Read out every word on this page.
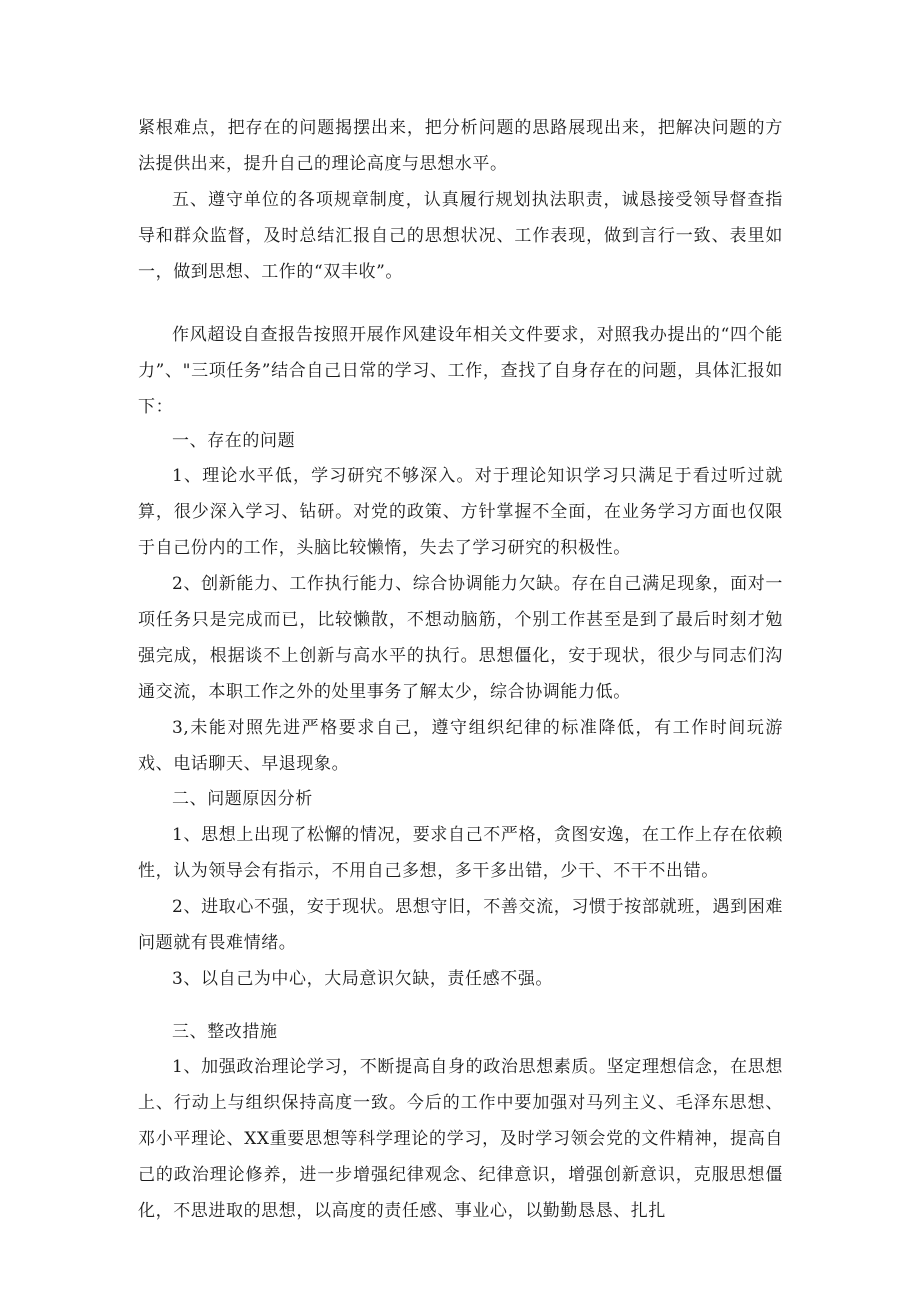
紧根难点，把存在的问题揭摆出来，把分析问题的思路展现出来，把解决问题的方法提供出来，提升自己的理论高度与思想水平。

五、遵守单位的各项规章制度，认真履行规划执法职责，诚恳接受领导督查指导和群众监督，及时总结汇报自己的思想状况、工作表现，做到言行一致、表里如一，做到思想、工作的“双丰收”。

作风超设自查报告按照开展作风建设年相关文件要求，对照我办提出的“四个能力”、"三项任务”结合自己日常的学习、工作，查找了自身存在的问题，具体汇报如下：

一、存在的问题

1、理论水平低，学习研究不够深入。对于理论知识学习只满足于看过听过就算，很少深入学习、钻研。对党的政策、方针掌握不全面，在业务学习方面也仅限于自己份内的工作，头脑比较懒惰，失去了学习研究的积极性。

2、创新能力、工作执行能力、综合协调能力欠缺。存在自己满足现象，面对一项任务只是完成而已，比较懒散，不想动脑筋，个别工作甚至是到了最后时刻才勉强完成，根据谈不上创新与高水平的执行。思想僵化，安于现状，很少与同志们沟通交流，本职工作之外的处里事务了解太少，综合协调能力低。

3,未能对照先进严格要求自己，遵守组织纪律的标准降低，有工作时间玩游戏、电话聊天、早退现象。

二、问题原因分析

1、思想上出现了松懈的情况，要求自己不严格，贪图安逸，在工作上存在依赖性，认为领导会有指示，不用自己多想，多干多出错，少干、不干不出错。

2、进取心不强，安于现状。思想守旧，不善交流，习惯于按部就班，遇到困难问题就有畏难情绪。

3、以自己为中心，大局意识欠缺，责任感不强。

三、整改措施

1、加强政治理论学习，不断提高自身的政治思想素质。坚定理想信念，在思想上、行动上与组织保持高度一致。今后的工作中要加强对马列主义、毛泽东思想、邓小平理论、XX重要思想等科学理论的学习，及时学习领会党的文件精神，提高自己的政治理论修养，进一步增强纪律观念、纪律意识，增强创新意识，克服思想僵化，不思进取的思想，以高度的责任感、事业心，以勤勤恳恳、扎扎
